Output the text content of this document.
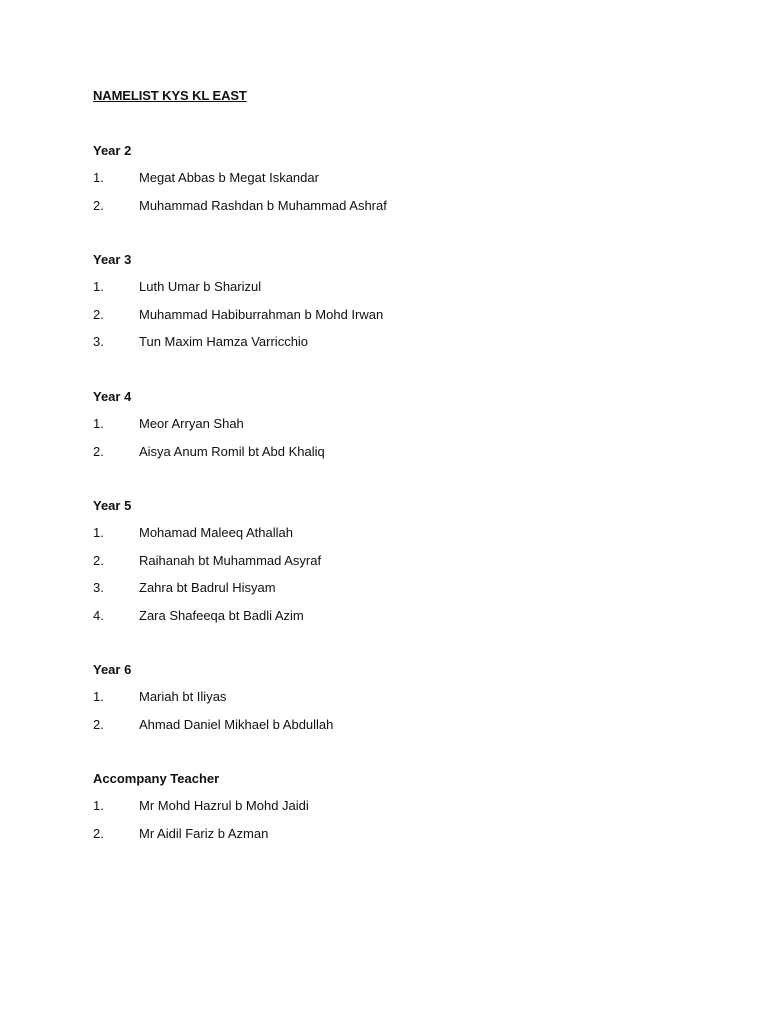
NAMELIST KYS KL EAST
Year 2
1.	Megat Abbas b Megat Iskandar
2.	Muhammad Rashdan b Muhammad Ashraf
Year 3
1.	Luth Umar b Sharizul
2.	Muhammad Habiburrahman b Mohd Irwan
3.	Tun Maxim Hamza Varricchio
Year 4
1.	Meor Arryan Shah
2.	Aisya Anum Romil bt Abd Khaliq
Year 5
1.	Mohamad Maleeq Athallah
2.	Raihanah bt Muhammad Asyraf
3.	Zahra bt Badrul Hisyam
4.	Zara Shafeeqa bt Badli Azim
Year 6
1.	Mariah bt Iliyas
2.	Ahmad Daniel Mikhael b Abdullah
Accompany Teacher
1.	Mr Mohd Hazrul b Mohd Jaidi
2.	Mr Aidil Fariz b Azman
